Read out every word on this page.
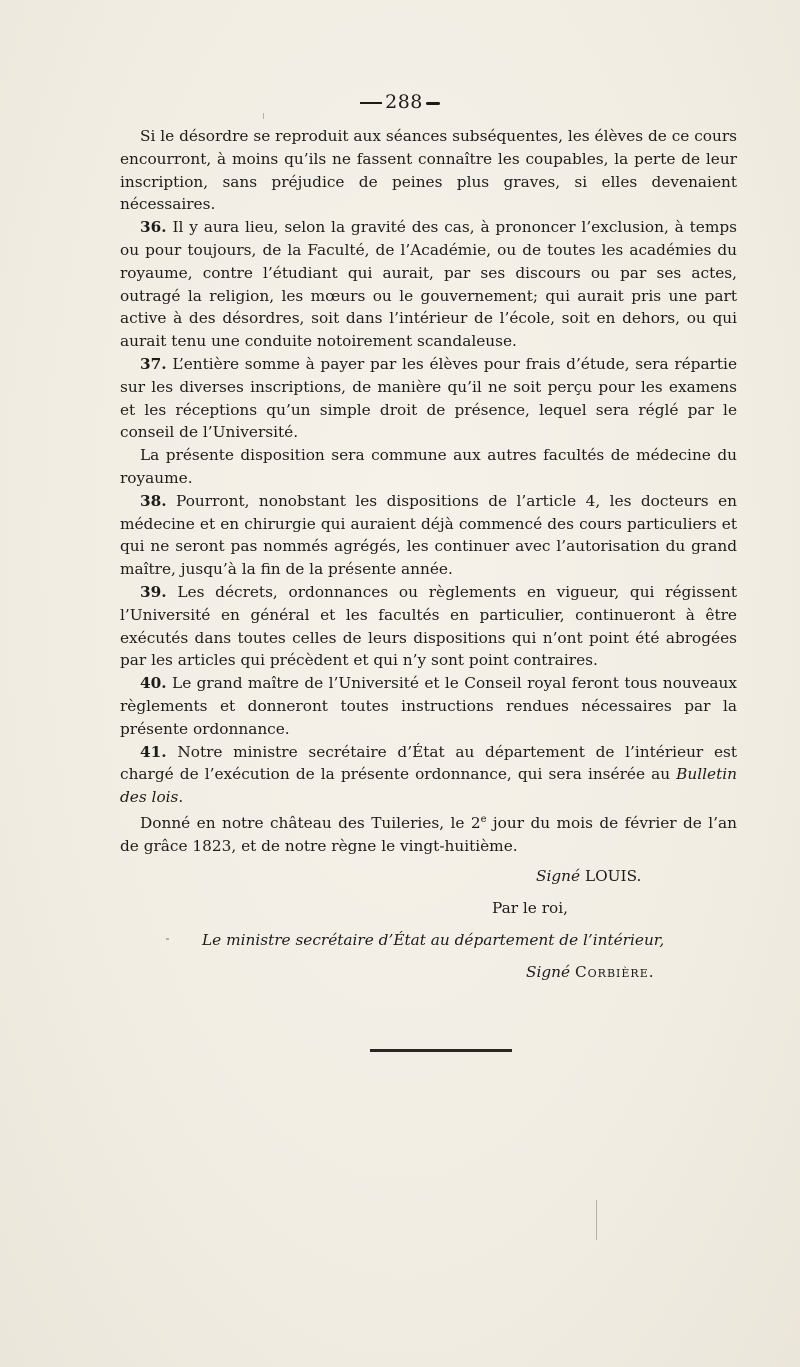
288

Si le désordre se reproduit aux séances subséquentes, les élèves de ce cours encourront, à moins qu’ils ne fassent connaître les coupables, la perte de leur inscription, sans préjudice de peines plus graves, si elles devenaient nécessaires.

36. Il y aura lieu, selon la gravité des cas, à prononcer l’exclusion, à temps ou pour toujours, de la Faculté, de l’Académie, ou de toutes les académies du royaume, contre l’étudiant qui aurait, par ses discours ou par ses actes, outragé la religion, les mœurs ou le gouvernement; qui aurait pris une part active à des désordres, soit dans l’intérieur de l’école, soit en dehors, ou qui aurait tenu une conduite notoirement scandaleuse.

37. L’entière somme à payer par les élèves pour frais d’étude, sera répartie sur les diverses inscriptions, de manière qu’il ne soit perçu pour les examens et les réceptions qu’un simple droit de présence, lequel sera réglé par le conseil de l’Université.

La présente disposition sera commune aux autres facultés de médecine du royaume.

38. Pourront, nonobstant les dispositions de l’article 4, les docteurs en médecine et en chirurgie qui auraient déjà commencé des cours particuliers et qui ne seront pas nommés agrégés, les continuer avec l’autorisation du grand maître, jusqu’à la fin de la présente année.

39. Les décrets, ordonnances ou règlements en vigueur, qui régissent l’Université en général et les facultés en particulier, continueront à être exécutés dans toutes celles de leurs dispositions qui n’ont point été abrogées par les articles qui précèdent et qui n’y sont point contraires.

40. Le grand maître de l’Université et le Conseil royal feront tous nouveaux règlements et donneront toutes instructions rendues nécessaires par la présente ordonnance.

41. Notre ministre secrétaire d’État au département de l’intérieur est chargé de l’exécution de la présente ordonnance, qui sera insérée au Bulletin des lois.

Donné en notre château des Tuileries, le 2e jour du mois de février de l’an de grâce 1823, et de notre règne le vingt-huitième.

Signé LOUIS.
Par le roi,
Le ministre secrétaire d’État au département de l’intérieur,
Signé Corbière.
